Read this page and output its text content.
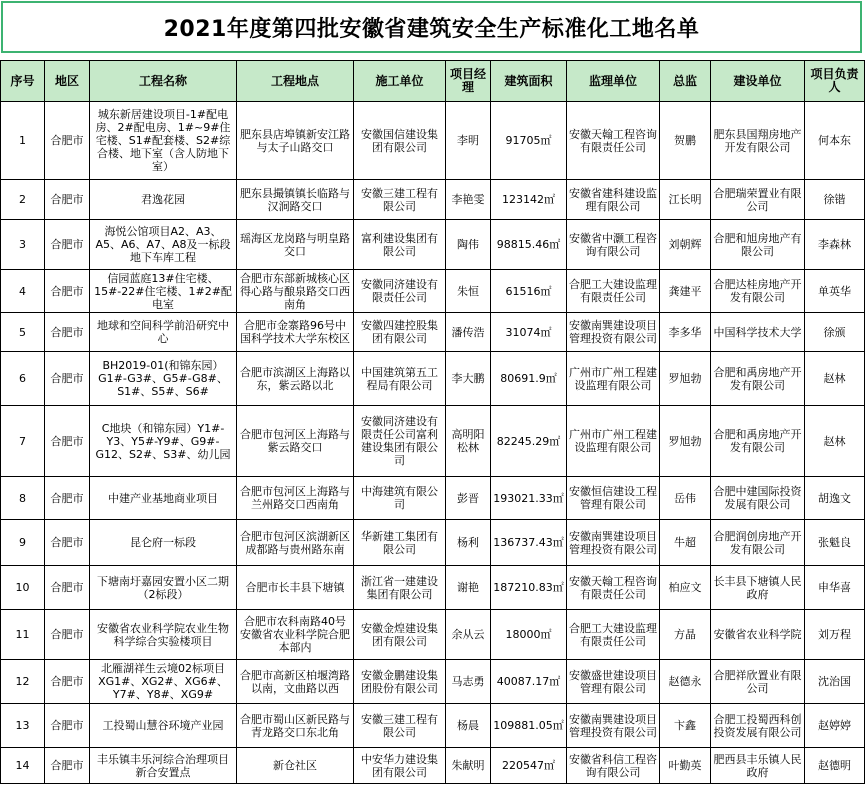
2021年度第四批安徽省建筑安全生产标准化工地名单
序号	地区	工程名称	工程地点	施工单位	项目经理	建筑面积	监理单位	总监	建设单位	项目负责人
1	合肥市	城东新居建设项目-1#配电房、2#配电房、1#~9#住宅楼、S1#配套楼、S2#综合楼、地下室（含人防地下室）	肥东县店埠镇新安江路与太子山路交口	安徽国信建设集团有限公司	李明	91705㎡	安徽天翰工程咨询有限责任公司	贺鹏	肥东县国翔房地产开发有限公司	何本东
2	合肥市	君逸花园	肥东县撮镇镇长临路与汉涧路交口	安徽三建工程有限公司	李艳雯	123142㎡	安徽省建科建设监理有限公司	江长明	合肥瑞荣置业有限公司	徐锴
3	合肥市	海悦公馆项目A2、A3、A5、A6、A7、A8及一标段地下车库工程	瑶海区龙岗路与明皇路交口	富利建设集团有限公司	陶伟	98815.46㎡	安徽省中灏工程咨询有限公司	刘朝辉	合肥和旭房地产有限公司	李森林
4	合肥市	信园蓝庭13#住宅楼、15#-22#住宅楼、1#2#配电室	合肥市东部新城核心区得心路与酿泉路交口西南角	安徽同济建设有限责任公司	朱恒	61516㎡	合肥工大建设监理有限责任公司	龚建平	合肥达桂房地产开发有限公司	单英华
5	合肥市	地球和空间科学前沿研究中心	合肥市金寨路96号中国科学技术大学东校区	安徽四建控股集团有限公司	潘传浩	31074㎡	安徽南巽建设项目管理投资有限公司	李多华	中国科学技术大学	徐颁
6	合肥市	BH2019-01(和锦东园）G1#-G3#、G5#-G8#、S1#、S5#、S6#	合肥市滨湖区上海路以东，紫云路以北	中国建筑第五工程局有限公司	李大鹏	80691.9㎡	广州市广州工程建设监理有限公司	罗旭勃	合肥和禹房地产开发有限公司	赵林
7	合肥市	C地块（和锦东园）Y1#-Y3、Y5#-Y9#、G9#-G12、S2#、S3#、幼儿园	合肥市包河区上海路与紫云路交口	安徽同济建设有限责任公司富利建设集团有限公司	高明阳松林	82245.29㎡	广州市广州工程建设监理有限公司	罗旭勃	合肥和禹房地产开发有限公司	赵林
8	合肥市	中建产业基地商业项目	合肥市包河区上海路与兰州路交口西南角	中海建筑有限公司	彭晋	193021.33㎡	安徽恒信建设工程管理有限公司	岳伟	合肥中建国际投资发展有限公司	胡逸文
9	合肥市	昆仑府一标段	合肥市包河区滨湖新区成都路与贵州路东南	华新建工集团有限公司	杨利	136737.43㎡	安徽南巽建设项目管理投资有限公司	牛超	合肥润创房地产开发有限公司	张魁良
10	合肥市	下塘南圩嘉园安置小区二期（2标段）	合肥市长丰县下塘镇	浙江省一建建设集团有限公司	谢艳	187210.83㎡	安徽天翰工程咨询有限责任公司	柏应文	长丰县下塘镇人民政府	申华喜
11	合肥市	安徽省农业科学院农业生物科学综合实验楼项目	合肥市农科南路40号安徽省农业科学院合肥本部内	安徽金煌建设集团有限公司	余从云	18000㎡	合肥工大建设监理有限责任公司	方晶	安徽省农业科学院	刘万程
12	合肥市	北雁湖祥生云境02标项目XG1#、XG2#、XG6#、Y7#、Y8#、XG9#	合肥市高新区柏堰湾路以南，文曲路以西	安徽金鹏建设集团股份有限公司	马志勇	40087.17㎡	安徽盛世建设项目管理有限公司	赵德永	合肥祥欣置业有限公司	沈治国
13	合肥市	工投蜀山慧谷环境产业园	合肥市蜀山区新民路与青龙路交口东北角	安徽三建工程有限公司	杨晨	109881.05㎡	安徽南巽建设项目管理投资有限公司	卞鑫	合肥工投蜀西科创投资发展有限公司	赵婷婷
14	合肥市	丰乐镇丰乐河综合治理项目新合安置点	新仓社区	中安华力建设集团有限公司	朱献明	220547㎡	安徽省科信工程咨询有限公司	叶勤英	肥西县丰乐镇人民政府	赵德明
